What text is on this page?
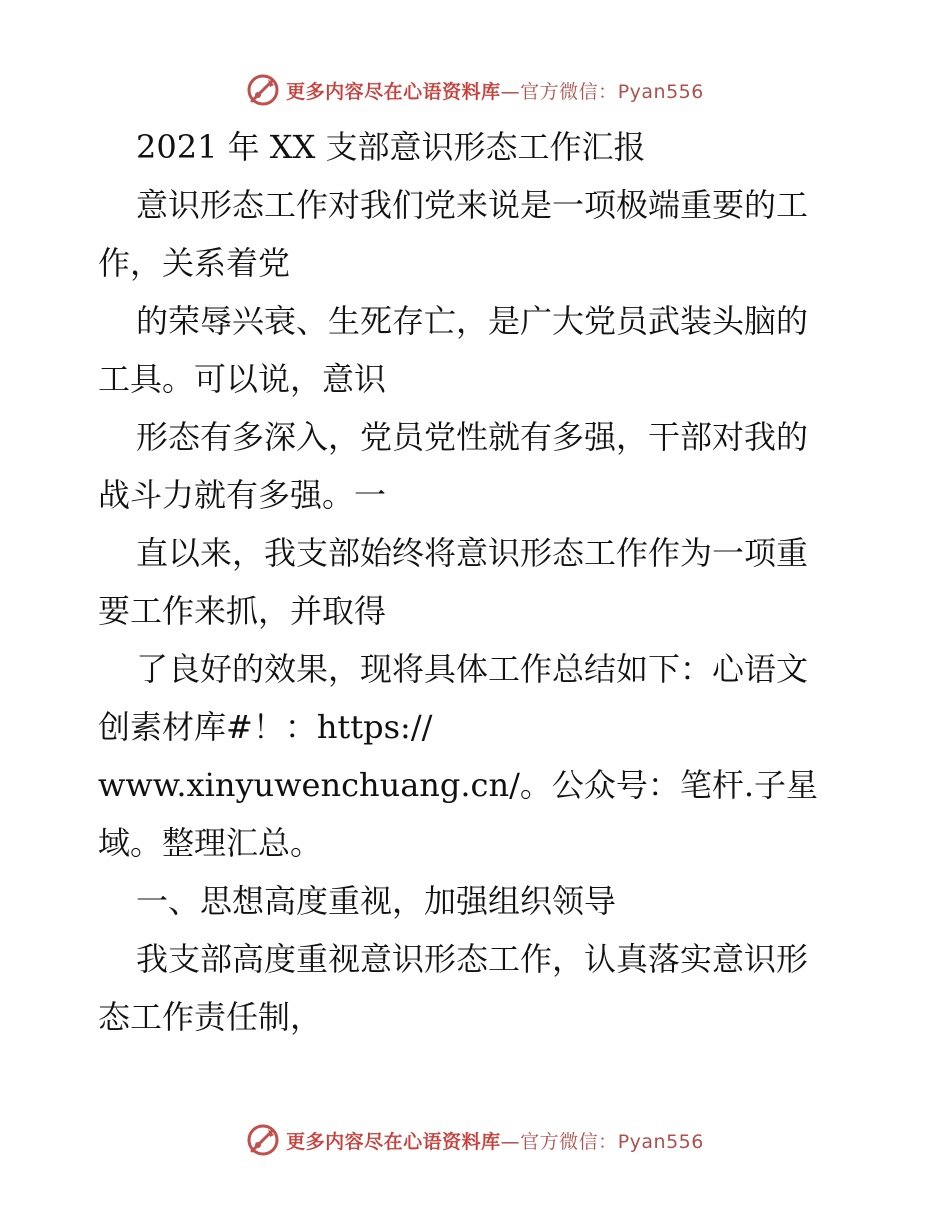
更多内容尽在心语资料库—官方微信：Pyan556
2021 年 XX 支部意识形态工作汇报
意识形态工作对我们党来说是一项极端重要的工
作，关系着党
的荣辱兴衰、生死存亡，是广大党员武装头脑的
工具。可以说，意识
形态有多深入，党员党性就有多强，干部对我的
战斗力就有多强。一
直以来，我支部始终将意识形态工作作为一项重
要工作来抓，并取得
了良好的效果，现将具体工作总结如下：心语文
创素材库#！：https://
www.xinyuwenchuang.cn/。公众号：笔杆.子星
域。整理汇总。
一、思想高度重视，加强组织领导
我支部高度重视意识形态工作，认真落实意识形
态工作责任制，
更多内容尽在心语资料库—官方微信：Pyan556
